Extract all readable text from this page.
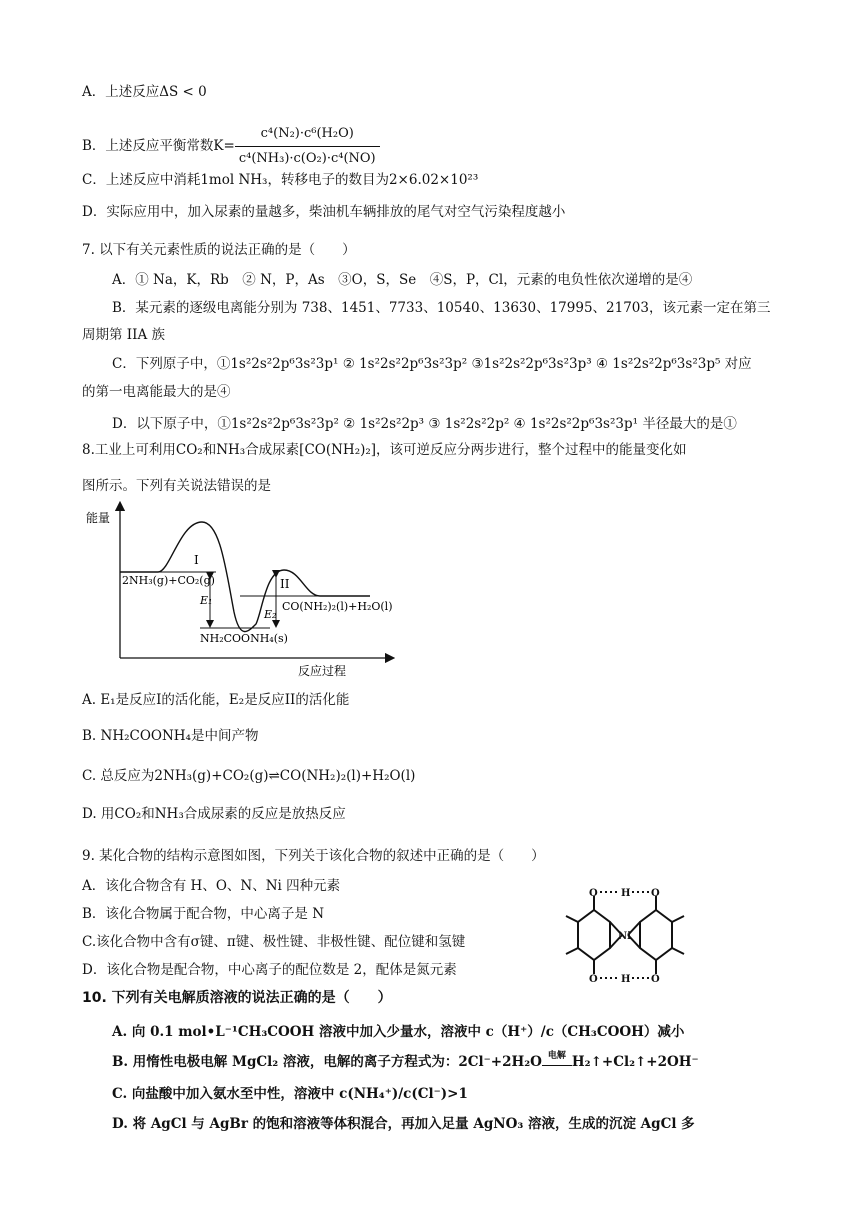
A．上述反应ΔS < 0
B．上述反应平衡常数$K= \frac{\text{c⁴(N₂)·c⁶(H₂O)}}{\text{c⁴(NH₃)·c(O₂)·c⁴(NO)}}$
C．上述反应中消耗1mol NH₃，转移电子的数目为2×6.02×10²³
D．实际应用中，加入尿素的量越多，柴油机车辆排放的尾气对空气污染程度越小
7. 以下有关元素性质的说法正确的是（　　）
A．① Na，K，Rb　② N，P，As　③O，S，Se　④S，P，Cl，元素的电负性依次递增的是④
B．某元素的逐级电离能分别为 738、1451、7733、10540、13630、17995、21703，该元素一定在第三
周期第 IIA 族
C．下列原子中，①1s²2s²2p⁶3s²3p¹ ② 1s²2s²2p⁶3s²3p² ③1s²2s²2p⁶3s²3p³ ④ 1s²2s²2p⁶3s²3p⁵ 对应
的第一电离能最大的是④
D．以下原子中，①1s²2s²2p⁶3s²3p² ② 1s²2s²2p³ ③ 1s²2s²2p² ④ 1s²2s²2p⁶3s²3p¹ 半径最大的是①
8.工业上可利用CO₂和NH₃合成尿素[CO(NH₂)₂]，该可逆反应分两步进行，整个过程中的能量变化如
图所示。下列有关说法错误的是
能量
反应过程
E₁
E₂
I
II
2NH₃(g)+CO₂(g)
NH₂COONH₄(s)
CO(NH₂)₂(l)+H₂O(l)
A. E₁是反应I的活化能，E₂是反应II的活化能
B. NH₂COONH₄是中间产物
C. 总反应为2NH₃(g)+CO₂(g)⇌CO(NH₂)₂(l)+H₂O(l)
D. 用CO₂和NH₃合成尿素的反应是放热反应
9. 某化合物的结构示意图如图，下列关于该化合物的叙述中正确的是（　　）
A．该化合物含有 H、O、N、Ni 四种元素
B．该化合物属于配合物，中心离子是 N
C.该化合物中含有σ键、π键、极性键、非极性键、配位键和氢键
D．该化合物是配合物，中心离子的配位数是 2，配体是氮元素
O H O
O H O
Ni
10. 下列有关电解质溶液的说法正确的是（　　）
A. 向 0.1 mol•L⁻¹CH₃COOH 溶液中加入少量水，溶液中 c（H⁺）/c（CH₃COOH）减小
B. 用惰性电极电解 MgCl₂ 溶液，电解的离子方程式为：2Cl⁻+2H₂O 电解 H₂↑+Cl₂↑+2OH⁻
C. 向盐酸中加入氨水至中性，溶液中 c(NH₄⁺)/c(Cl⁻)>1
D. 将 AgCl 与 AgBr 的饱和溶液等体积混合，再加入足量 AgNO₃ 溶液，生成的沉淀 AgCl 多
